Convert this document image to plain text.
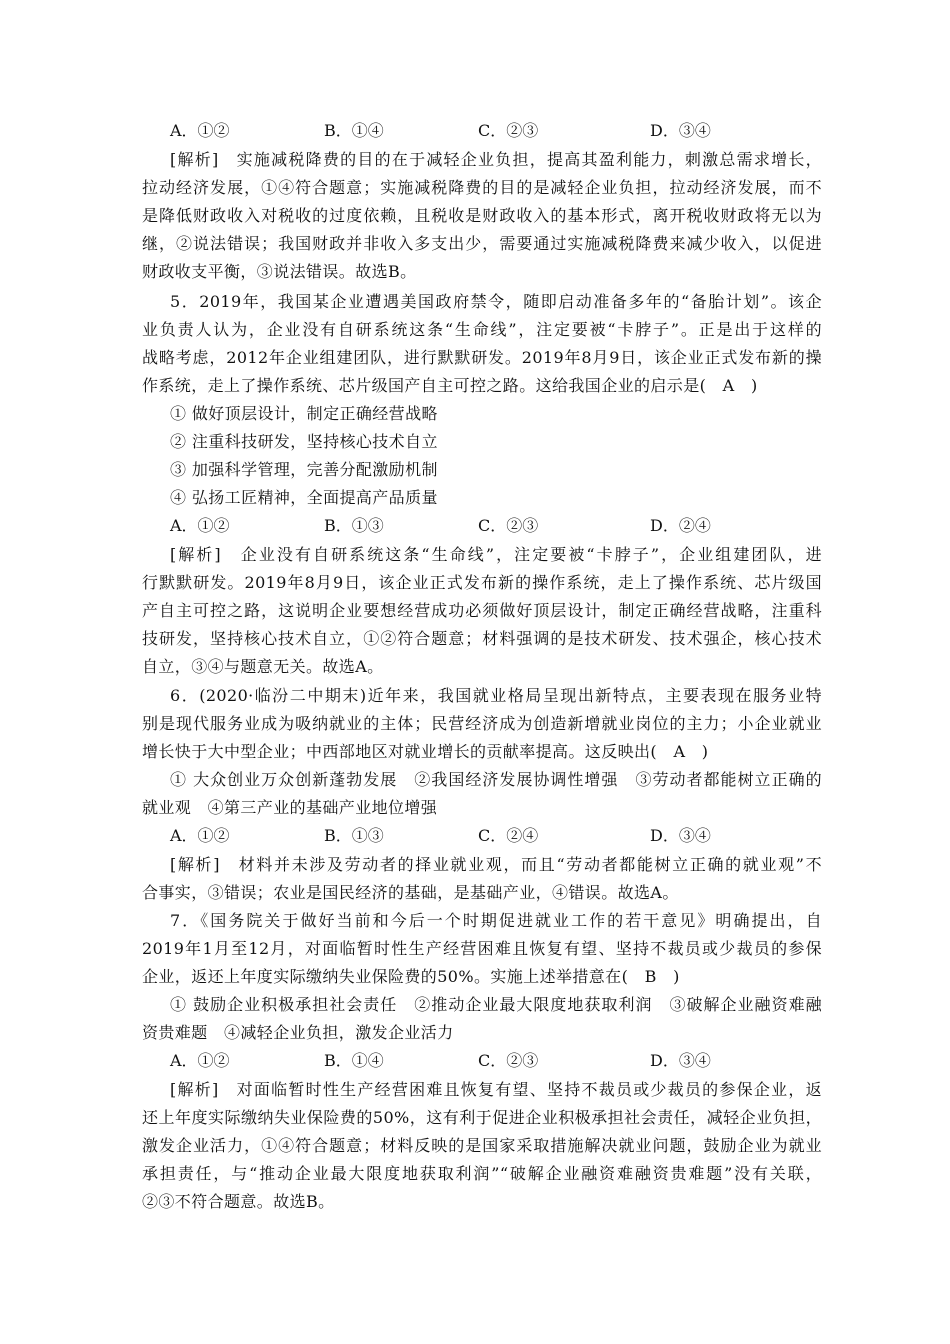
A．①②	B．①④	C．②③	D．③④
[解析]　实施减税降费的目的在于减轻企业负担，提高其盈利能力，刺激总需求增长，
拉动经济发展，①④符合题意；实施减税降费的目的是减轻企业负担，拉动经济发展，而不
是降低财政收入对税收的过度依赖，且税收是财政收入的基本形式，离开税收财政将无以为
继，②说法错误；我国财政并非收入多支出少，需要通过实施减税降费来减少收入，以促进
财政收支平衡，③说法错误。故选B。
5．2019年，我国某企业遭遇美国政府禁令，随即启动准备多年的“备胎计划”。该企
业负责人认为，企业没有自研系统这条“生命线”，注定要被“卡脖子”。正是出于这样的
战略考虑，2012年企业组建团队，进行默默研发。2019年8月9日，该企业正式发布新的操
作系统，走上了操作系统、芯片级国产自主可控之路。这给我国企业的启示是(　A　)
① 做好顶层设计，制定正确经营战略
② 注重科技研发，坚持核心技术自立
③ 加强科学管理，完善分配激励机制
④ 弘扬工匠精神，全面提高产品质量
A．①②	B．①③	C．②③	D．②④
[解析]　企业没有自研系统这条“生命线”，注定要被“卡脖子”，企业组建团队，进
行默默研发。2019年8月9日，该企业正式发布新的操作系统，走上了操作系统、芯片级国
产自主可控之路，这说明企业要想经营成功必须做好顶层设计，制定正确经营战略，注重科
技研发，坚持核心技术自立，①②符合题意；材料强调的是技术研发、技术强企，核心技术
自立，③④与题意无关。故选A。
6．(2020·临汾二中期末)近年来，我国就业格局呈现出新特点，主要表现在服务业特
别是现代服务业成为吸纳就业的主体；民营经济成为创造新增就业岗位的主力；小企业就业
增长快于大中型企业；中西部地区对就业增长的贡献率提高。这反映出(　A　)
① 大众创业万众创新蓬勃发展　②我国经济发展协调性增强　③劳动者都能树立正确的
就业观　④第三产业的基础产业地位增强
A．①②	B．①③	C．②④	D．③④
[解析]　材料并未涉及劳动者的择业就业观，而且“劳动者都能树立正确的就业观”不
合事实，③错误；农业是国民经济的基础，是基础产业，④错误。故选A。
7．《国务院关于做好当前和今后一个时期促进就业工作的若干意见》明确提出，自
2019年1月至12月，对面临暂时性生产经营困难且恢复有望、坚持不裁员或少裁员的参保
企业，返还上年度实际缴纳失业保险费的50%。实施上述举措意在(　B　)
① 鼓励企业积极承担社会责任　②推动企业最大限度地获取利润　③破解企业融资难融
资贵难题　④减轻企业负担，激发企业活力
A．①②	B．①④	C．②③	D．③④
[解析]　对面临暂时性生产经营困难且恢复有望、坚持不裁员或少裁员的参保企业，返
还上年度实际缴纳失业保险费的50%，这有利于促进企业积极承担社会责任，减轻企业负担，
激发企业活力，①④符合题意；材料反映的是国家采取措施解决就业问题，鼓励企业为就业
承担责任，与“推动企业最大限度地获取利润”“破解企业融资难融资贵难题”没有关联，
②③不符合题意。故选B。
